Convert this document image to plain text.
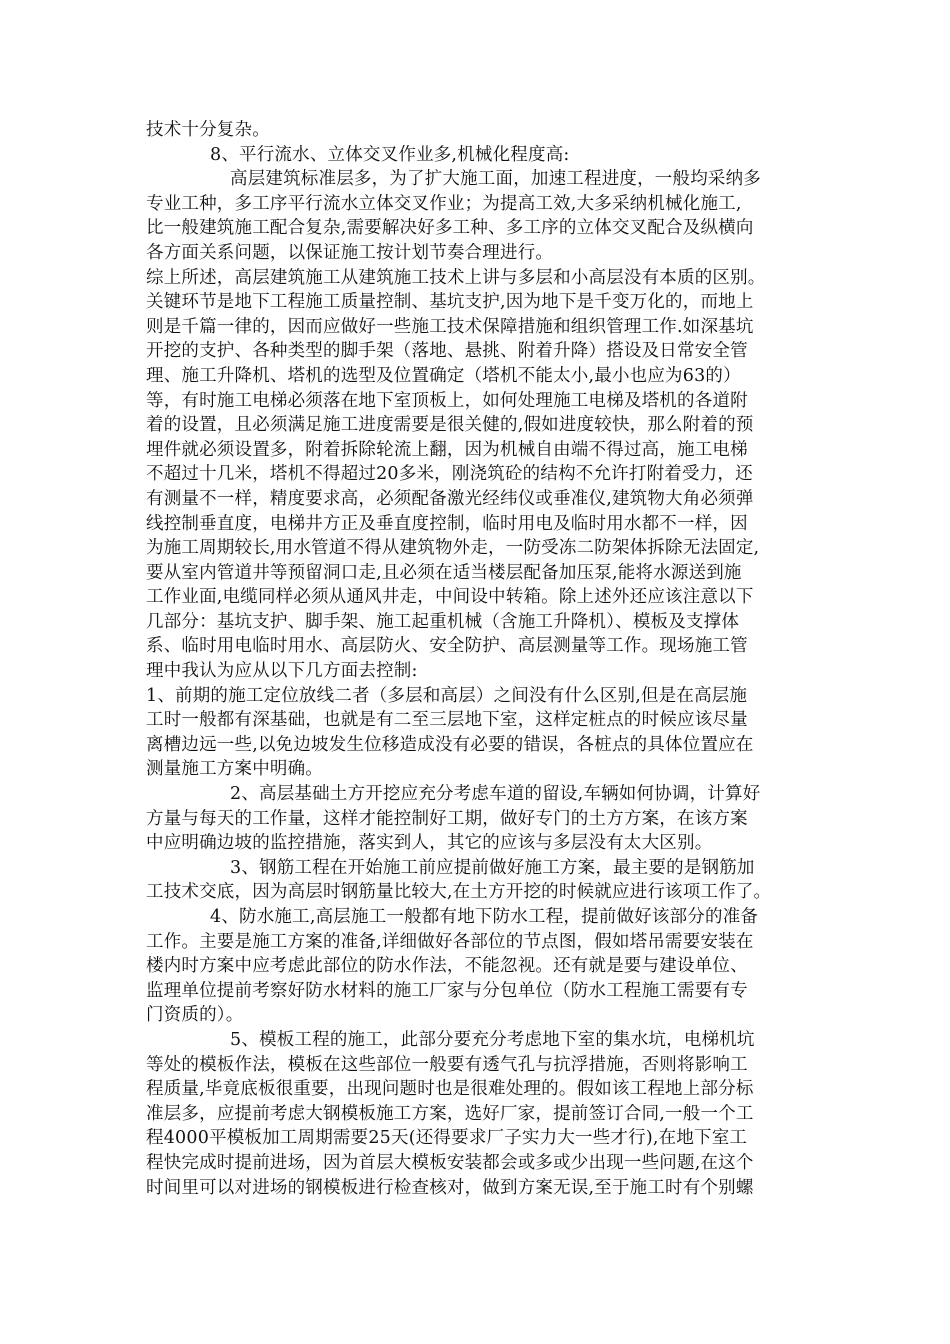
技术十分复杂。
8、平行流水、立体交叉作业多,机械化程度高:
高层建筑标准层多，为了扩大施工面，加速工程进度，一般均采纳多
专业工种，多工序平行流水立体交叉作业；为提高工效,大多采纳机械化施工,
比一般建筑施工配合复杂,需要解决好多工种、多工序的立体交叉配合及纵横向
各方面关系问题，以保证施工按计划节奏合理进行。
综上所述，高层建筑施工从建筑施工技术上讲与多层和小高层没有本质的区别。
关键环节是地下工程施工质量控制、基坑支护,因为地下是千变万化的，而地上
则是千篇一律的，因而应做好一些施工技术保障措施和组织管理工作.如深基坑
开挖的支护、各种类型的脚手架（落地、悬挑、附着升降）搭设及日常安全管
理、施工升降机、塔机的选型及位置确定（塔机不能太小,最小也应为63的）
等，有时施工电梯必须落在地下室顶板上，如何处理施工电梯及塔机的各道附
着的设置，且必须满足施工进度需要是很关健的,假如进度较快，那么附着的预
埋件就必须设置多，附着拆除轮流上翻，因为机械自由端不得过高，施工电梯
不超过十几米，塔机不得超过20多米，刚浇筑砼的结构不允许打附着受力，还
有测量不一样，精度要求高，必须配备激光经纬仪或垂准仪,建筑物大角必须弹
线控制垂直度，电梯井方正及垂直度控制，临时用电及临时用水都不一样，因
为施工周期较长,用水管道不得从建筑物外走，一防受冻二防架体拆除无法固定,
要从室内管道井等预留洞口走,且必须在适当楼层配备加压泵,能将水源送到施
工作业面,电缆同样必须从通风井走，中间设中转箱。除上述外还应该注意以下
几部分：基坑支护、脚手架、施工起重机械（含施工升降机）、模板及支撑体
系、临时用电临时用水、高层防火、安全防护、高层测量等工作。现场施工管
理中我认为应从以下几方面去控制:
1、前期的施工定位放线二者（多层和高层）之间没有什么区别,但是在高层施
工时一般都有深基础，也就是有二至三层地下室，这样定桩点的时候应该尽量
离槽边远一些,以免边坡发生位移造成没有必要的错误，各桩点的具体位置应在
测量施工方案中明确。
2、高层基础土方开挖应充分考虑车道的留设,车辆如何协调，计算好
方量与每天的工作量，这样才能控制好工期，做好专门的土方方案，在该方案
中应明确边坡的监控措施，落实到人，其它的应该与多层没有太大区别。
3、钢筋工程在开始施工前应提前做好施工方案，最主要的是钢筋加
工技术交底，因为高层时钢筋量比较大,在土方开挖的时候就应进行该项工作了。
4、防水施工,高层施工一般都有地下防水工程，提前做好该部分的准备
工作。主要是施工方案的准备,详细做好各部位的节点图，假如塔吊需要安装在
楼内时方案中应考虑此部位的防水作法，不能忽视。还有就是要与建设单位、
监理单位提前考察好防水材料的施工厂家与分包单位（防水工程施工需要有专
门资质的）。
5、模板工程的施工，此部分要充分考虑地下室的集水坑，电梯机坑
等处的模板作法，模板在这些部位一般要有透气孔与抗浮措施，否则将影响工
程质量,毕竟底板很重要，出现问题时也是很难处理的。假如该工程地上部分标
准层多，应提前考虑大钢模板施工方案，选好厂家，提前签订合同,一般一个工
程4000平模板加工周期需要25天(还得要求厂子实力大一些才行),在地下室工
程快完成时提前进场，因为首层大模板安装都会或多或少出现一些问题,在这个
时间里可以对进场的钢模板进行检查核对，做到方案无误,至于施工时有个别螺
